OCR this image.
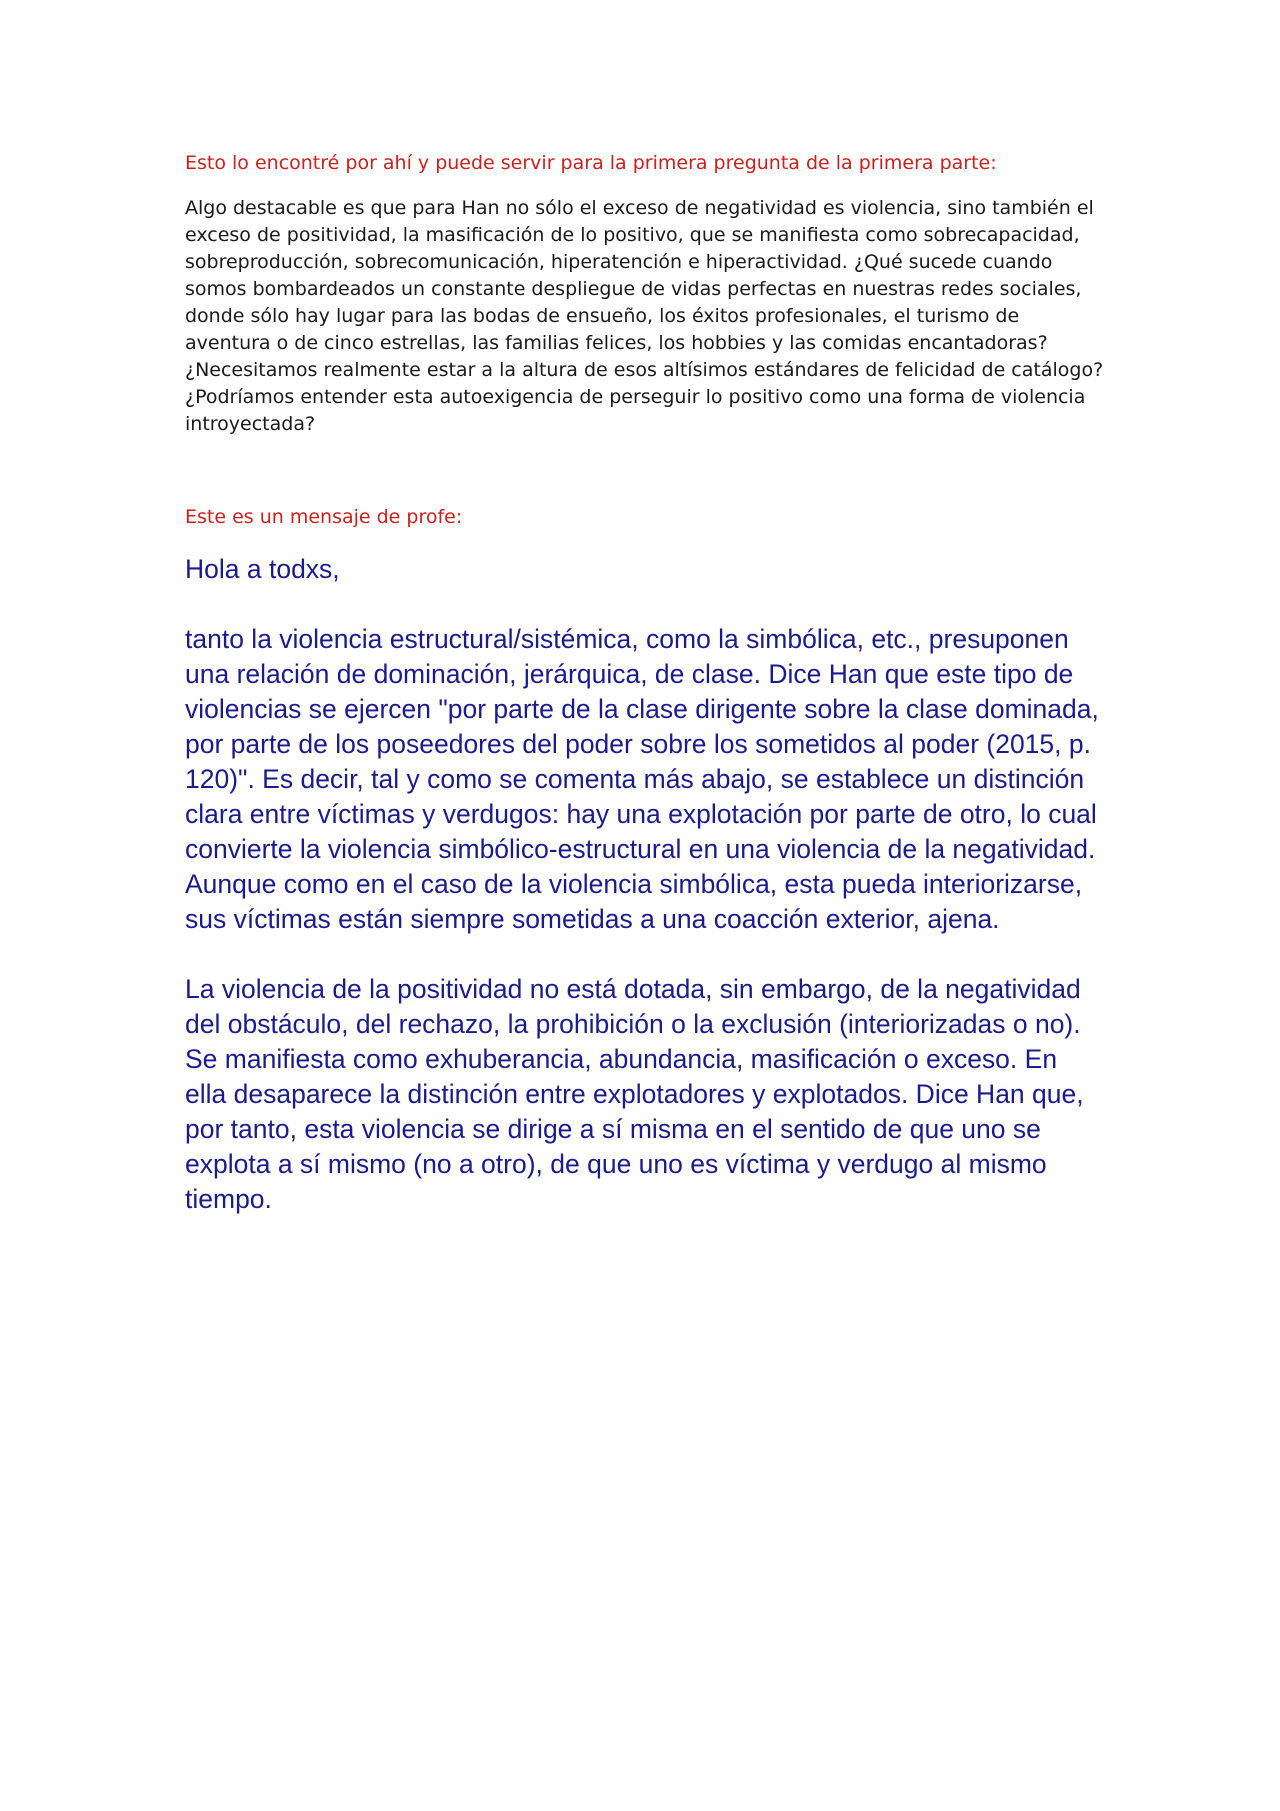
Esto lo encontré por ahí y puede servir para la primera pregunta de la primera parte:

Algo destacable es que para Han no sólo el exceso de negatividad es violencia, sino también el exceso de positividad, la masificación de lo positivo, que se manifiesta como sobrecapacidad, sobreproducción, sobrecomunicación, hiperatención e hiperactividad. ¿Qué sucede cuando somos bombardeados un constante despliegue de vidas perfectas en nuestras redes sociales, donde sólo hay lugar para las bodas de ensueño, los éxitos profesionales, el turismo de aventura o de cinco estrellas, las familias felices, los hobbies y las comidas encantadoras? ¿Necesitamos realmente estar a la altura de esos altísimos estándares de felicidad de catálogo? ¿Podríamos entender esta autoexigencia de perseguir lo positivo como una forma de violencia introyectada?

Este es un mensaje de profe:

Hola a todxs,

tanto la violencia estructural/sistémica, como la simbólica, etc., presuponen una relación de dominación, jerárquica, de clase. Dice Han que este tipo de violencias se ejercen "por parte de la clase dirigente sobre la clase dominada, por parte de los poseedores del poder sobre los sometidos al poder (2015, p. 120)". Es decir, tal y como se comenta más abajo, se establece un distinción clara entre víctimas y verdugos: hay una explotación por parte de otro, lo cual convierte la violencia simbólico-estructural en una violencia de la negatividad. Aunque como en el caso de la violencia simbólica, esta pueda interiorizarse, sus víctimas están siempre sometidas a una coacción exterior, ajena.

La violencia de la positividad no está dotada, sin embargo, de la negatividad del obstáculo, del rechazo, la prohibición o la exclusión (interiorizadas o no). Se manifiesta como exhuberancia, abundancia, masificación o exceso. En ella desaparece la distinción entre explotadores y explotados. Dice Han que, por tanto, esta violencia se dirige a sí misma en el sentido de que uno se explota a sí mismo (no a otro), de que uno es víctima y verdugo al mismo tiempo.
